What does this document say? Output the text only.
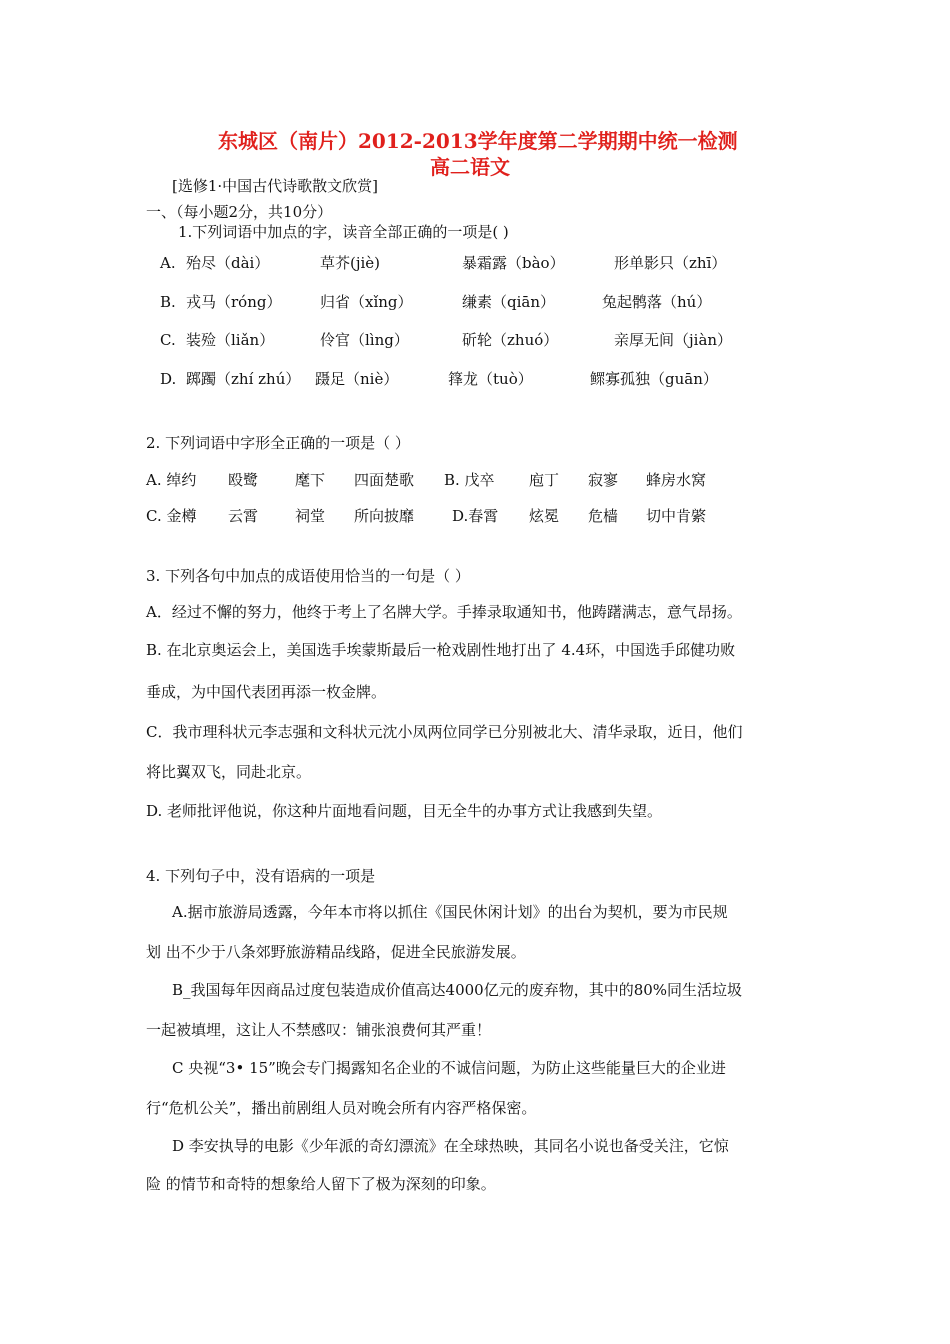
东城区（南片）2012-2013学年度第二学期期中统一检测
高二语文
[选修1·中国古代诗歌散文欣赏]
一、（每小题2分，共10分）
1.下列词语中加点的字，读音全部正确的一项是( )
A. 殆尽（dài）	草芥(jiè)	暴霜露（bào）	形单影只（zhī）
B. 戎马（róng）	归省（xǐng）	缣素（qiān）	兔起鹘落（hú）
C. 装殓（liǎn）	伶官（lìng）	斫轮（zhuó）	亲厚无间（jiàn）
D. 踯躅（zhí zhú） 蹑足（niè）	箨龙（tuò）	鳏寡孤独（guān）
2. 下列词语中字形全正确的一项是（ ）
A. 绰约 殴鹭 麾下 四面楚歌 B. 戊卒 庖丁 寂寥 蜂房水窝
C. 金樽 云霄 祠堂 所向披靡	D.春霄 炫冕 危樯 切中肯綮
3. 下列各句中加点的成语使用恰当的一句是（ ）
A．经过不懈的努力，他终于考上了名牌大学。手捧录取通知书，他踌躇满志，意气昂扬。
B. 在北京奥运会上，美国选手埃蒙斯最后一枪戏剧性地打出了 4.4环，中国选手邱健功败
垂成，为中国代表团再添一枚金牌。
C．我市理科状元李志强和文科状元沈小凤两位同学已分别被北大、清华录取，近日，他们
将比翼双飞，同赴北京。
D. 老师批评他说，你这种片面地看问题，目无全牛的办事方式让我感到失望。
4. 下列句子中，没有语病的一项是
A.据市旅游局透露，今年本市将以抓住《国民休闲计划》的出台为契机，要为市民规
划 出不少于八条郊野旅游精品线路，促进全民旅游发展。
B_我国每年因商品过度包装造成价值高达4000亿元的废弃物，其中的80%同生活垃圾
一起被填埋，这让人不禁感叹：铺张浪费何其严重！
C 央视“3• 15”晚会专门揭露知名企业的不诚信问题，为防止这些能量巨大的企业进
行“危机公关”，播出前剧组人员对晚会所有内容严格保密。
D 李安执导的电影《少年派的奇幻漂流》在全球热映，其同名小说也备受关注，它惊
险 的情节和奇特的想象给人留下了极为深刻的印象。
